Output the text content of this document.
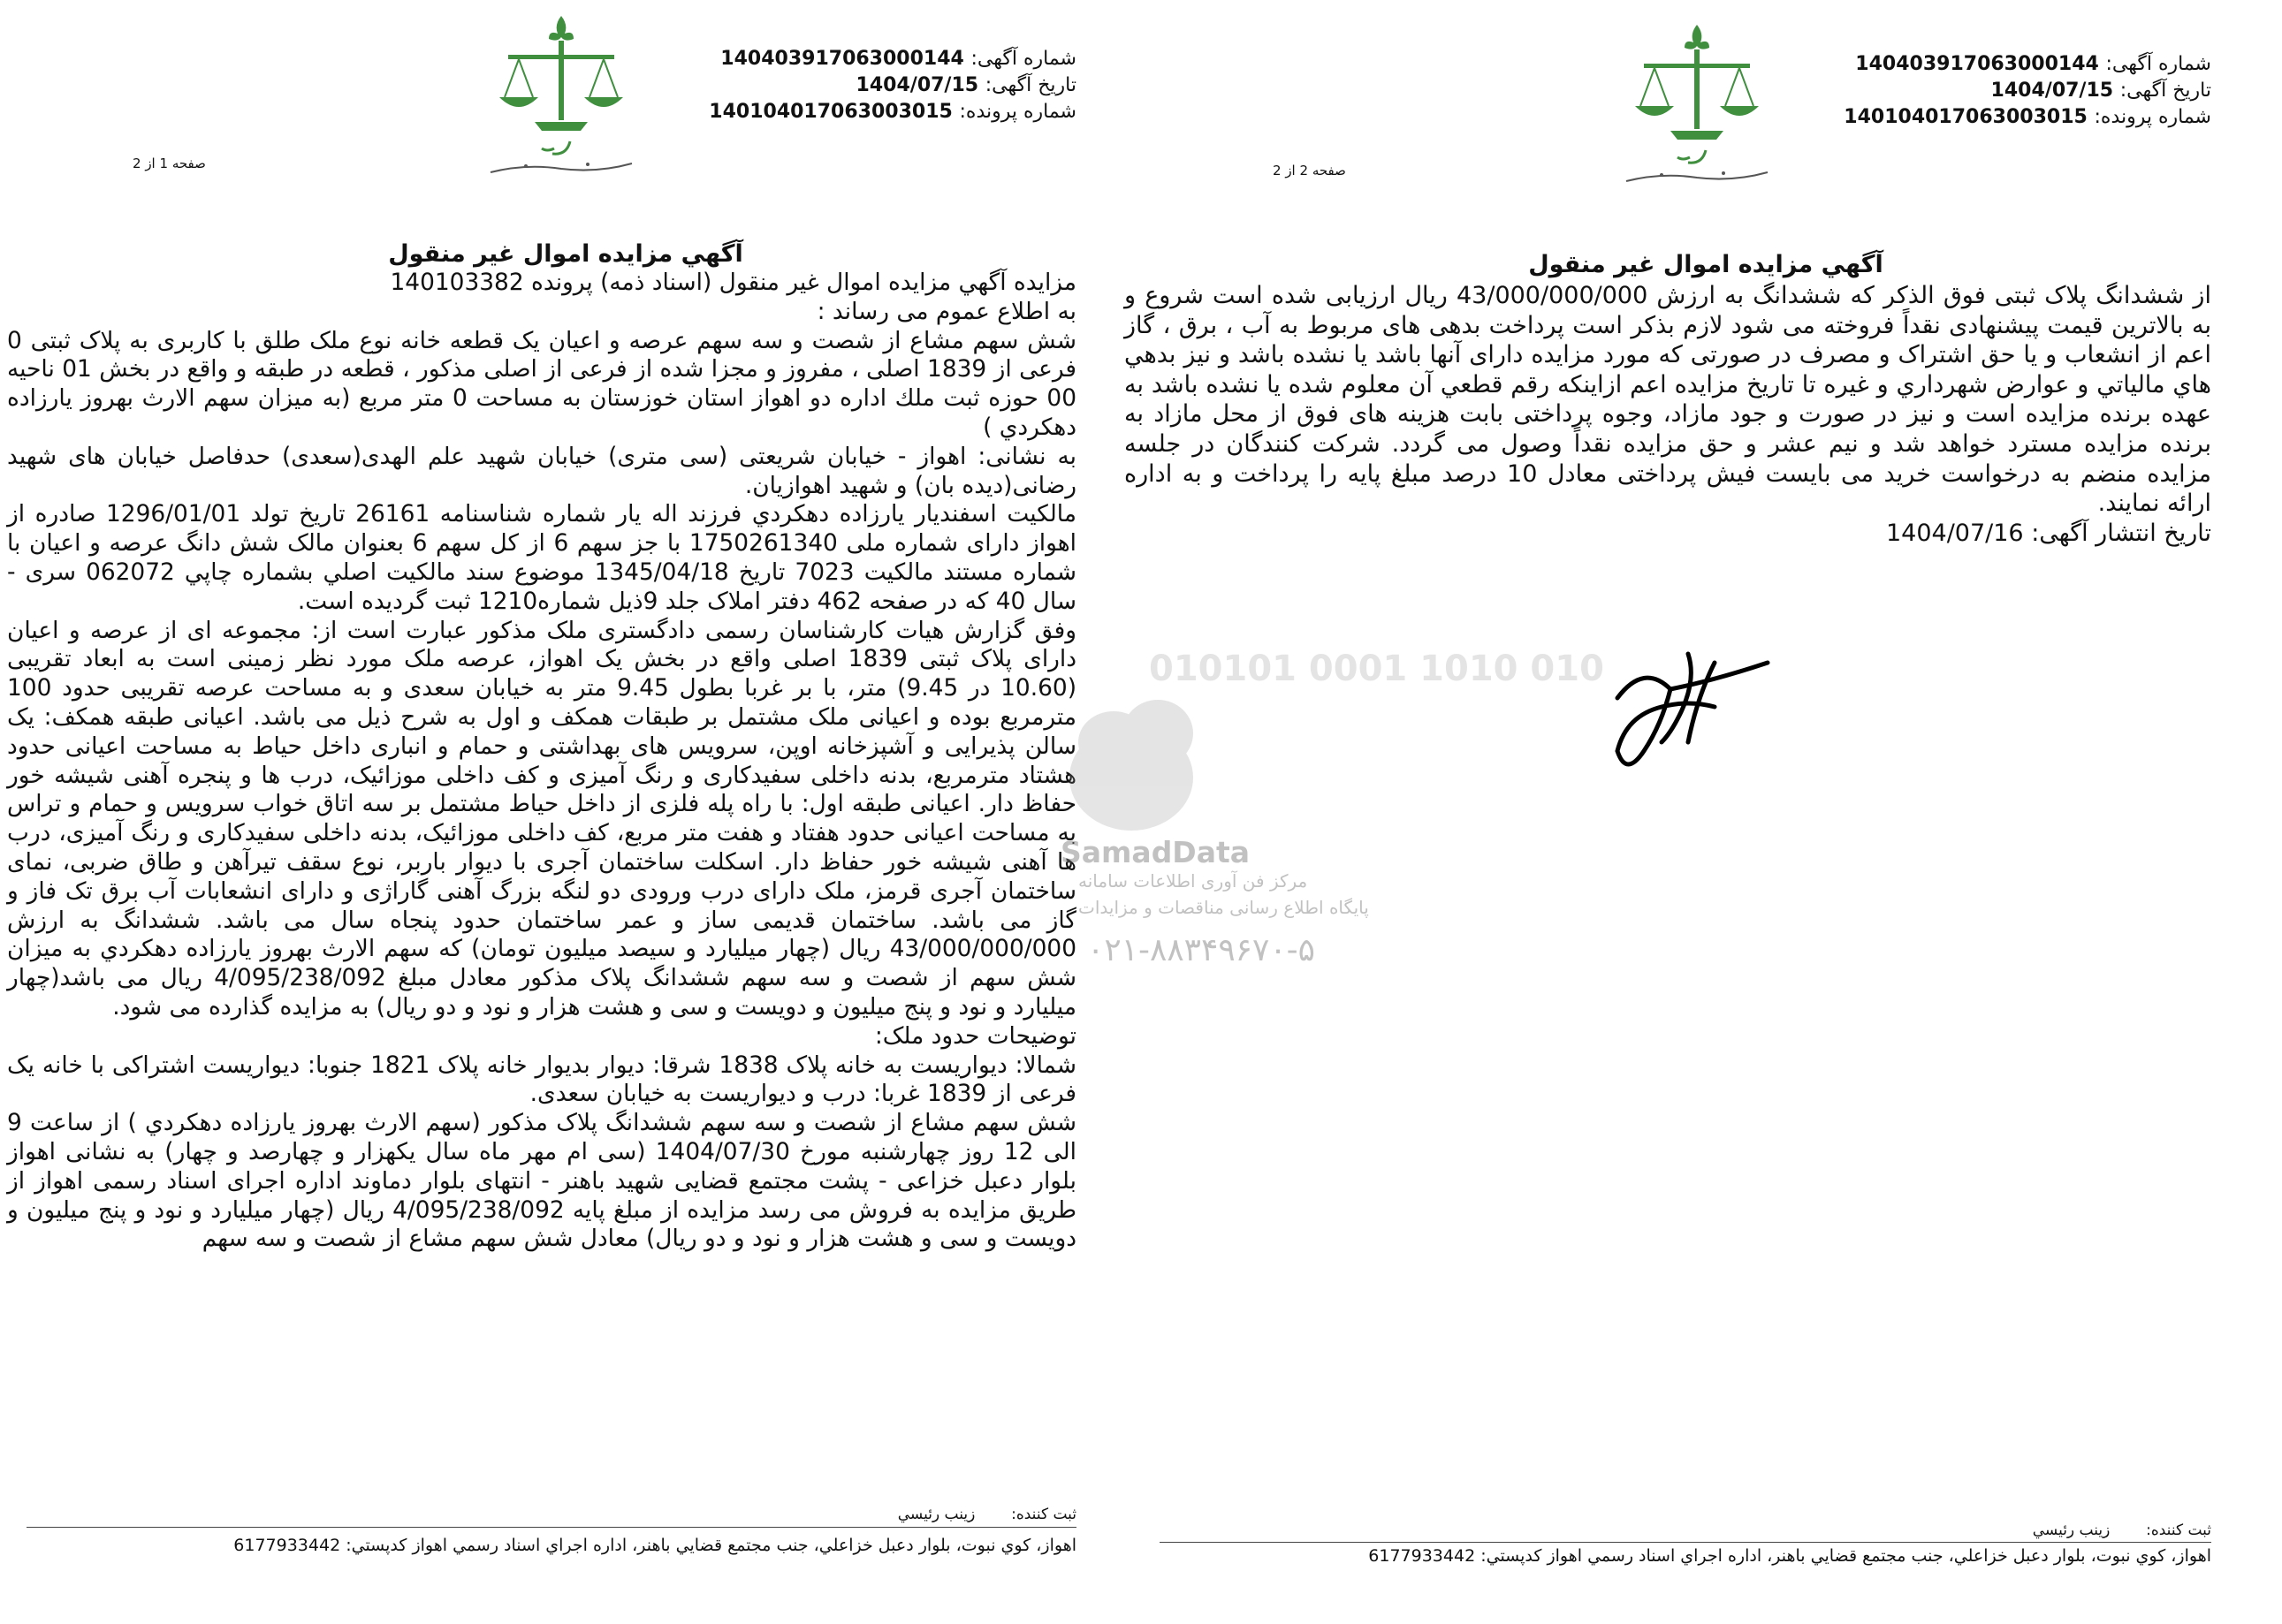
شماره آگهی: 140403917063000144
تاریخ آگهی: 1404/07/15
شماره پرونده: 140104017063003015
صفحه 2 از 2
آگهي مزايده اموال غير منقول

از ششدانگ پلاک ثبتی فوق الذکر که ششدانگ به ارزش 43/000/000/000 ریال ارزیابی شده است شروع و به بالاترین قیمت پیشنهادی نقداً فروخته می شود لازم بذکر است پرداخت بدهی های مربوط به آب ، برق ، گاز اعم از انشعاب و یا حق اشتراک و مصرف در صورتی که مورد مزایده دارای آنها باشد یا نشده باشد و نیز بدهي هاي مالياتي و عوارض شهرداري و غيره تا تاریخ مزایده اعم ازاینکه رقم قطعي آن معلوم شده یا نشده باشد به عهده برنده مزایده است و نیز در صورت و جود مازاد، وجوه پرداختی بابت هزینه های فوق از محل مازاد به برنده مزایده مسترد خواهد شد و نیم عشر و حق مزایده نقداً وصول می گردد. شرکت کنندگان در جلسه مزایده منضم به درخواست خرید می بایست فیش پرداختی معادل 10 درصد مبلغ پایه را پرداخت و به اداره ارائه نمایند.

تاریخ انتشار آگهی: 1404/07/16

ثبت کننده:  زينب رئيسي
اهواز، كوي نبوت، بلوار دعبل خزاعلي، جنب مجتمع قضايي باهنر، اداره اجراي اسناد رسمي اهواز كدپستي: 6177933442
شماره آگهی: 140403917063000144
تاریخ آگهی: 1404/07/15
شماره پرونده: 140104017063003015
صفحه 1 از 2
آگهي مزايده اموال غير منقول

مزايده آگهي مزايده اموال غير منقول (اسناد ذمه) پرونده 140103382

به اطلاع عموم می رساند :

شش سهم مشاع از شصت و سه سهم عرصه و اعیان یک قطعه خانه نوع ملک طلق با کاربری به پلاک ثبتی 0 فرعی از 1839 اصلی ، مفروز و مجزا شده از فرعی از اصلی مذکور ، قطعه در طبقه و واقع در بخش 01 ناحیه 00 حوزه ثبت ملك اداره دو اهواز استان خوزستان به مساحت 0 متر مربع (به میزان سهم الارث بهروز يارزاده دهكردي )

به نشانی: اهواز - خیابان شریعتی (سی متری) خیابان شهید علم الهدی(سعدی) حدفاصل خیابان های شهید رضانی(دیده بان) و شهید اهوازیان.

مالکیت اسفنديار يارزاده دهكردي فرزند اله يار شماره شناسنامه 26161 تاریخ تولد 1296/01/01 صادره از اهواز دارای شماره ملی 1750261340 با جز سهم 6 از کل سهم 6 بعنوان مالک شش دانگ عرصه و اعیان با شماره مستند مالكيت 7023 تاريخ 1345/04/18 موضوع سند مالكيت اصلي بشماره چاپي 062072 سری - سال 40 که در صفحه 462 دفتر املاک جلد 9ذیل شماره1210 ثبت گردیده است.

وفق گزارش هیات کارشناسان رسمی دادگستری ملک مذکور عبارت است از: مجموعه ای از عرصه و اعیان دارای پلاک ثبتی 1839 اصلی واقع در بخش یک اهواز، عرصه ملک مورد نظر زمینی است به ابعاد تقریبی (10.60 در 9.45) متر، با بر غربا بطول 9.45 متر به خیابان سعدی و به مساحت عرصه تقریبی حدود 100 مترمربع بوده و اعیانی ملک مشتمل بر طبقات همکف و اول به شرح ذیل می باشد. اعیانی طبقه همکف: یک سالن پذیرایی و آشپزخانه اوپن، سرویس های بهداشتی و حمام و انباری داخل حیاط به مساحت اعیانی حدود هشتاد مترمربع، بدنه داخلی سفیدکاری و رنگ آمیزی و کف داخلی موزائیک، درب ها و پنجره آهنی شیشه خور حفاظ دار. اعیانی طبقه اول: با راه پله فلزی از داخل حیاط مشتمل بر سه اتاق خواب سرویس و حمام و تراس به مساحت اعیانی حدود هفتاد و هفت متر مربع، کف داخلی موزائیک، بدنه داخلی سفیدکاری و رنگ آمیزی، درب ها آهنی شیشه خور حفاظ دار. اسکلت ساختمان آجری با دیوار باربر، نوع سقف تیرآهن و طاق ضربی، نمای ساختمان آجری قرمز، ملک دارای درب ورودی دو لنگه بزرگ آهنی گاراژی و دارای انشعابات آب برق تک فاز و گاز می باشد. ساختمان قدیمی ساز و عمر ساختمان حدود پنجاه سال می باشد. ششدانگ به ارزش 43/000/000/000 ریال (چهار میلیارد و سیصد میلیون تومان) که سهم الارث بهروز يارزاده دهكردي به میزان شش سهم از شصت و سه سهم ششدانگ پلاک مذکور معادل مبلغ 4/095/238/092 ریال می باشد(چهار میلیارد و نود و پنج میلیون و دویست و سی و هشت هزار و نود و دو ریال) به مزایده گذارده می شود.

توضیحات حدود ملک:

شمالا: دیواریست به خانه پلاک 1838 شرقا: دیوار بدیوار خانه پلاک 1821 جنوبا: دیواریست اشتراکی با خانه یک فرعی از 1839 غربا: درب و دیواریست به خیابان سعدی.

شش سهم مشاع از شصت و سه سهم ششدانگ پلاک مذکور (سهم الارث بهروز يارزاده دهكردي ) از ساعت 9 الی 12 روز چهارشنبه مورخ 1404/07/30 (سی ام مهر ماه سال یکهزار و چهارصد و چهار) به نشانی اهواز بلوار دعبل خزاعی - پشت مجتمع قضایی شهید باهنر - انتهای بلوار دماوند اداره اجرای اسناد رسمی اهواز از طریق مزایده به فروش می رسد مزایده از مبلغ پایه 4/095/238/092 ریال (چهار میلیارد و نود و پنج میلیون و دویست و سی و هشت هزار و نود و دو ریال) معادل شش سهم مشاع از شصت و سه سهم

ثبت کننده:  زينب رئيسي
اهواز، كوي نبوت، بلوار دعبل خزاعلي، جنب مجتمع قضايي باهنر، اداره اجراي اسناد رسمي اهواز كدپستي: 6177933442
010101 0001 1010 010
SamadData
مرکز فن آوری اطلاعات سامانه
پایگاه اطلاع رسانی مناقصات و مزایدات
۰۲۱-۸۸۳۴۹۶۷۰-۵
